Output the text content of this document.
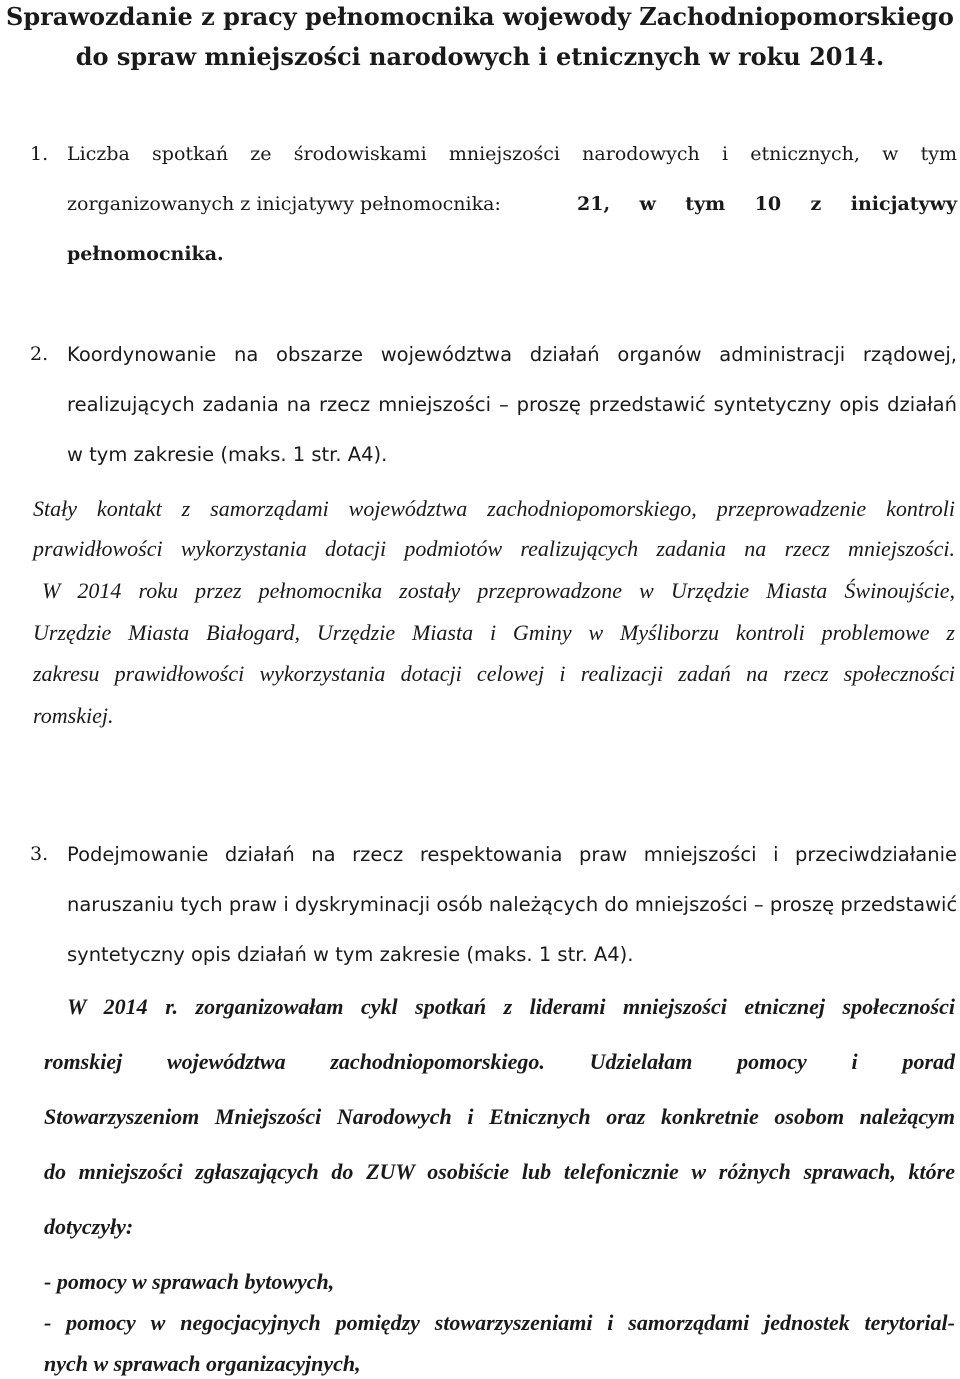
Sprawozdanie z pracy pełnomocnika wojewody Zachodniopomorskiego
do spraw mniejszości narodowych i etnicznych w roku 2014.
1. Liczba spotkań ze środowiskami mniejszości narodowych i etnicznych, w tym
zorganizowanych z inicjatywy pełnomocnika:	21, w tym 10 z inicjatywy
pełnomocnika.
2. Koordynowanie na obszarze województwa działań organów administracji rządowej,
realizujących zadania na rzecz mniejszości – proszę przedstawić syntetyczny opis działań
w tym zakresie (maks. 1 str. A4).
Stały kontakt z samorządami województwa zachodniopomorskiego, przeprowadzenie kontroli
prawidłowości wykorzystania dotacji podmiotów realizujących zadania na rzecz mniejszości.
W 2014 roku przez pełnomocnika zostały przeprowadzone w Urzędzie Miasta Świnoujście,
Urzędzie Miasta Białogard, Urzędzie Miasta i Gminy w Myśliborzu kontroli problemowe z
zakresu prawidłowości wykorzystania dotacji celowej i realizacji zadań na rzecz społeczności
romskiej.
3. Podejmowanie działań na rzecz respektowania praw mniejszości i przeciwdziałanie
naruszaniu tych praw i dyskryminacji osób należących do mniejszości – proszę przedstawić
syntetyczny opis działań w tym zakresie (maks. 1 str. A4).
W 2014 r. zorganizowałam cykl spotkań z liderami mniejszości etnicznej społeczności
romskiej województwa zachodniopomorskiego. Udzielałam pomocy i porad
Stowarzyszeniom Mniejszości Narodowych i Etnicznych oraz konkretnie osobom należącym
do mniejszości zgłaszających do ZUW osobiście lub telefonicznie w różnych sprawach, które
dotyczyły:
- pomocy w sprawach bytowych,
- pomocy w negocjacyjnych pomiędzy stowarzyszeniami i samorządami jednostek terytorial-
nych w sprawach organizacyjnych,
